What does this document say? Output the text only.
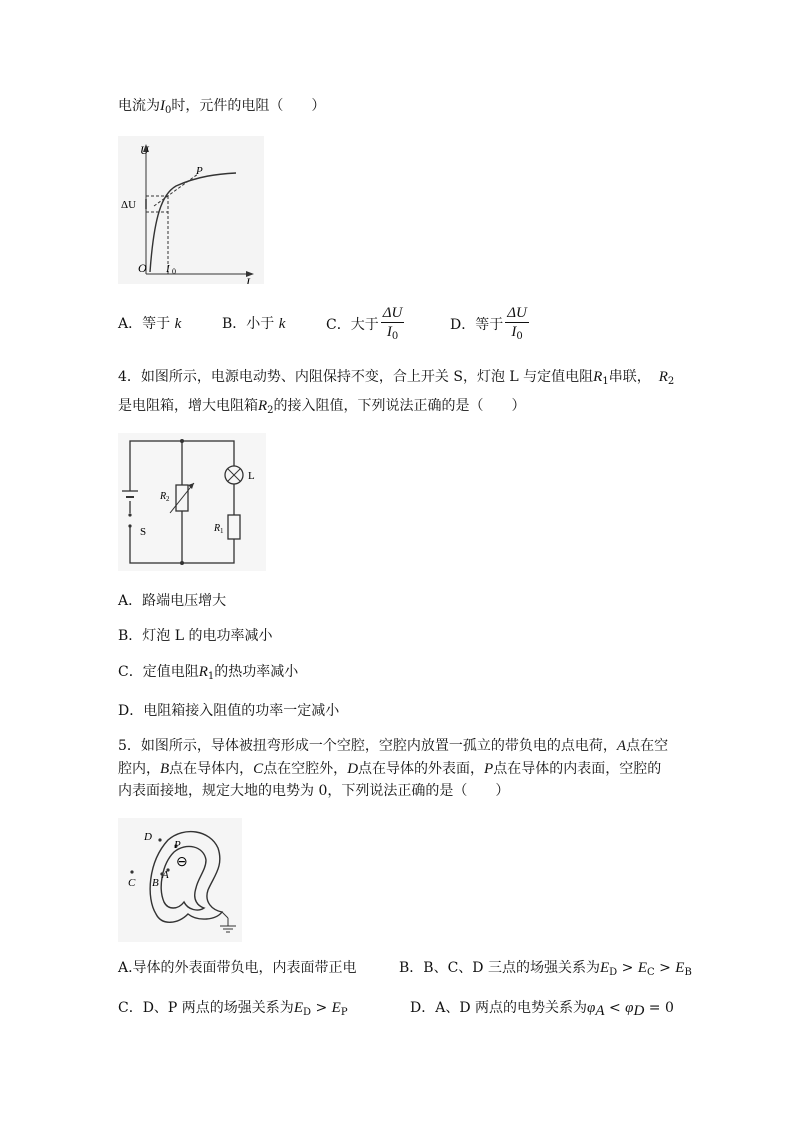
电流为$I_0$时，元件的电阻（　　）
U
I
O
P
ΔU
I 0
A．等于 k	B．小于 k	C．大于 $\frac{\Delta U}{I_0}$	D．等于 $\frac{\Delta U}{I_0}$
4．如图所示，电源电动势、内阻保持不变，合上开关 S，灯泡 L 与定值电阻$R_1$串联， $R_2$
是电阻箱，增大电阻箱$R_2$的接入阻值，下列说法正确的是（　　）
L
S
R 2
R 1
A．路端电压增大
B．灯泡 L 的电功率减小
C．定值电阻$R_1$的热功率减小
D．电阻箱接入阻值的功率一定减小
5．如图所示，导体被扭弯形成一个空腔，空腔内放置一孤立的带负电的点电荷，A点在空
腔内，B点在导体内，C点在空腔外，D点在导体的外表面，P点在导体的内表面，空腔的
内表面接地，规定大地的电势为 0，下列说法正确的是（　　）
D
P
C B
A
⊖
A.导体的外表面带负电，内表面带正电	B．B、C、D 三点的场强关系为$E_D > E_C > E_B$
C．D、P 两点的场强关系为$E_D > E_P$	D．A、D 两点的电势关系为$\varphi_A < \varphi_D = 0$
